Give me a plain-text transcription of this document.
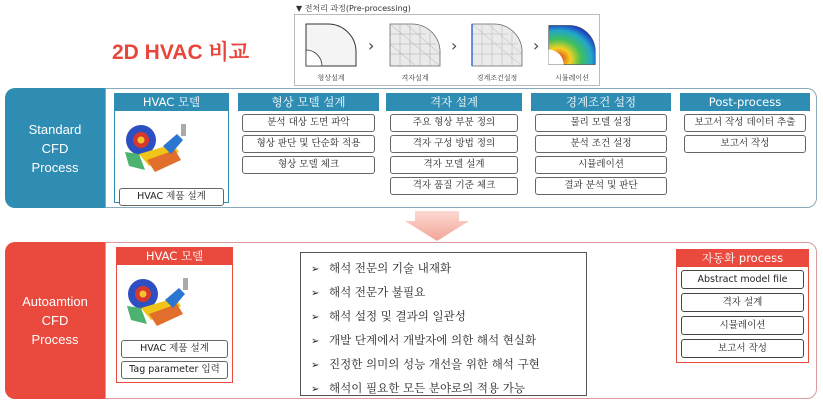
2D HVAC 비교
▼ 전처리 과정(Pre-processing)
›	›	›
형상설계	격자설계	경계조건설정	시뮬레이션
Standard
CFD
Process
HVAC 모델
HVAC 제품 설계
형상 모델 설계
분석 대상 도면 파악
형상 판단 및 단순화 적용
형상 모델 체크
격자 설계
주요 형상 부분 정의
격자 구성 방법 정의
격자 모델 설계
격자 품질 기준 체크
경계조건 설정
물리 모델 설정
분석 조건 설정
시뮬레이션
결과 분석 및 판단
Post-process
보고서 작성 데이터 추출
보고서 작성
Autoamtion
CFD
Process
HVAC 모델
HVAC 제품 설계
Tag parameter 입력
➢ 해석 전문의 기술 내재화
➢ 해석 전문가 불필요
➢ 해석 설정 및 결과의 일관성
➢ 개발 단계에서 개발자에 의한 해석 현실화
➢ 진정한 의미의 성능 개선을 위한 해석 구현
➢ 해석이 필요한 모든 분야로의 적용 가능
자동화 process
Abstract model file
격자 설계
시뮬레이션
보고서 작성
